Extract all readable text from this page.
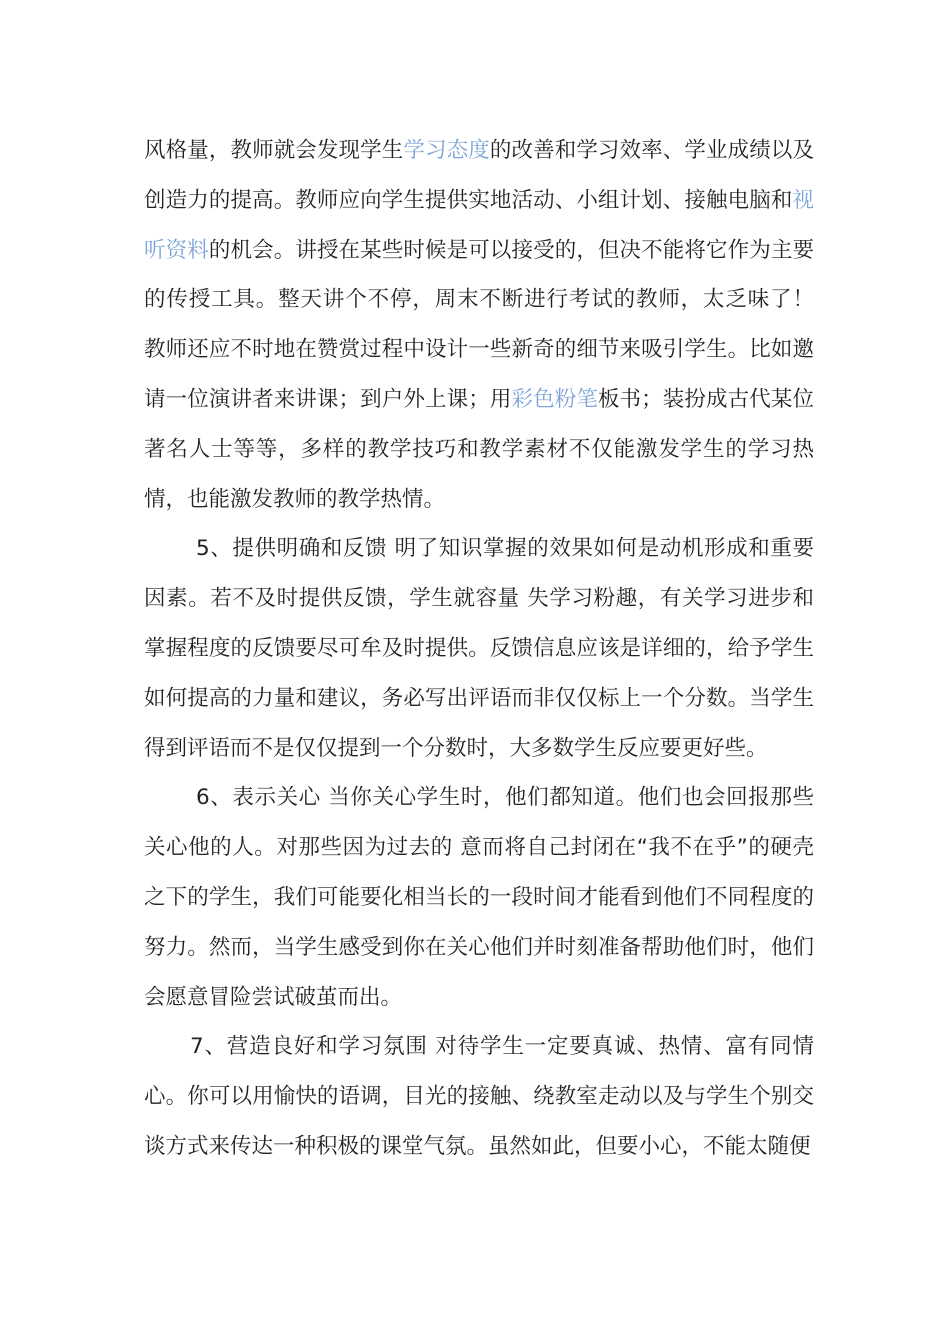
风格量，教师就会发现学生学习态度的改善和学习效率、学业成绩以及创造力的提高。教师应向学生提供实地活动、小组计划、接触电脑和视听资料的机会。讲授在某些时候是可以接受的，但决不能将它作为主要的传授工具。整天讲个不停，周末不断进行考试的教师，太乏味了！ 教师还应不时地在赞赏过程中设计一些新奇的细节来吸引学生。比如邀请一位演讲者来讲课；到户外上课；用彩色粉笔板书；装扮成古代某位著名人士等等，多样的教学技巧和教学素材不仅能激发学生的学习热情，也能激发教师的教学热情。

5、提供明确和反馈 明了知识掌握的效果如何是动机形成和重要因素。若不及时提供反馈，学生就容量 失学习粉趣，有关学习进步和掌握程度的反馈要尽可牟及时提供。反馈信息应该是详细的，给予学生如何提高的力量和建议，务必写出评语而非仅仅标上一个分数。当学生得到评语而不是仅仅提到一个分数时，大多数学生反应要更好些。

6、表示关心 当你关心学生时，他们都知道。他们也会回报那些关心他的人。对那些因为过去的 意而将自己封闭在“我不在乎”的硬壳之下的学生，我们可能要化相当长的一段时间才能看到他们不同程度的努力。然而，当学生感受到你在关心他们并时刻准备帮助他们时，他们会愿意冒险尝试破茧而出。

7、营造良好和学习氛围 对待学生一定要真诚、热情、富有同情心。你可以用愉快的语调，目光的接触、绕教室走动以及与学生个别交谈方式来传达一种积极的课堂气氛。虽然如此，但要小心，不能太随便
